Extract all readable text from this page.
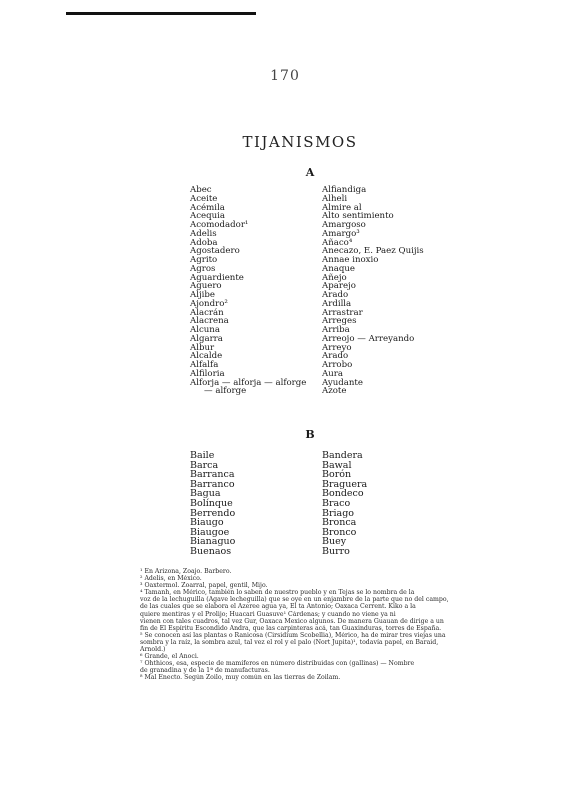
170
TIJANISMOS
A
Abec
Aceite
Acémila
Acequia
Acomodador¹
Adelis
Adoba
Agostadero
Agrito
Agros
Aguardiente
Aguero
Aljibe
Ajondro²
Alacrán
Alacrena
Alcuna
Algarra
Albur
Alcalde
Alfalfa
Alfiloria
Alforja — alforja — alforge
— alforge
Alfiandiga
Alheli
Almire al
Alto sentimiento
Amargoso
Amargo³
Añaco⁴
Anecazo, E. Paez Quijis
Annae inoxio
Anaque
Añejo
Aparejo
Arado
Ardilla
Arrastrar
Arreges
Arriba
Arreojo — Arreyando
Arreyo
Arado
Arrobo
Aura
Ayudante
Azote
B
Baile
Barca
Barranca
Barranco
Bagua
Bolínque
Berrendo
Biaugo
Biaugoe
Bianaguo
Buenaos
Bandera
Bawal
Borón
Braguera
Bondeco
Braco
Briago
Bronca
Bronco
Buey
Burro
¹ En Arizona, Zoajo. Barbero.
² Adelis, en México.
³ Oaxtermol. Zoarral, papel, gentil, Mijo.
⁴ Tamanh, en Mérico, también lo saben de nuestro pueblo y en Tejas se lo nombra de la
voz de la lechuguilla (Agave lecheguilla) que se oye en un enjambre de la parte que no del campo,
de las cuales que se elabora el Azeree agua ya, El ta Antonio; Oaxaca Cerrent. Kiko a la
quiere mentiras y el Prolijo; Huacari Guasuve¹ Cárdenas; y cuando no viene ya ni
vienen con tales cuadros, tal vez Gur, Oaxaca Mexico algunos. De manera Guauan de dirige a un
fin de El Espíritu Escondido Andra, que las carpinteras acá, tan Guaxinduras, torres de España.
⁵ Se conocen así las plantas o Ranicosa (Cirsidium Scobellia), Mérico, ha de mirar tres viejas una
sombra y la raíz, la sombra azul, tal vez el rol y el palo (Nort Jupita)¹, todavía papel, en Baraid,
Arnold.)
⁶ Grande, el Anoci.
⁷ Ohthicos, esa, especie de mamíferos en número distribuidas con (gallinas) — Nombre
de granadina y de la 1ª de manufacturas.
⁸ Mal Enecto. Según Zoilo, muy común en las tierras de Zoilam.
